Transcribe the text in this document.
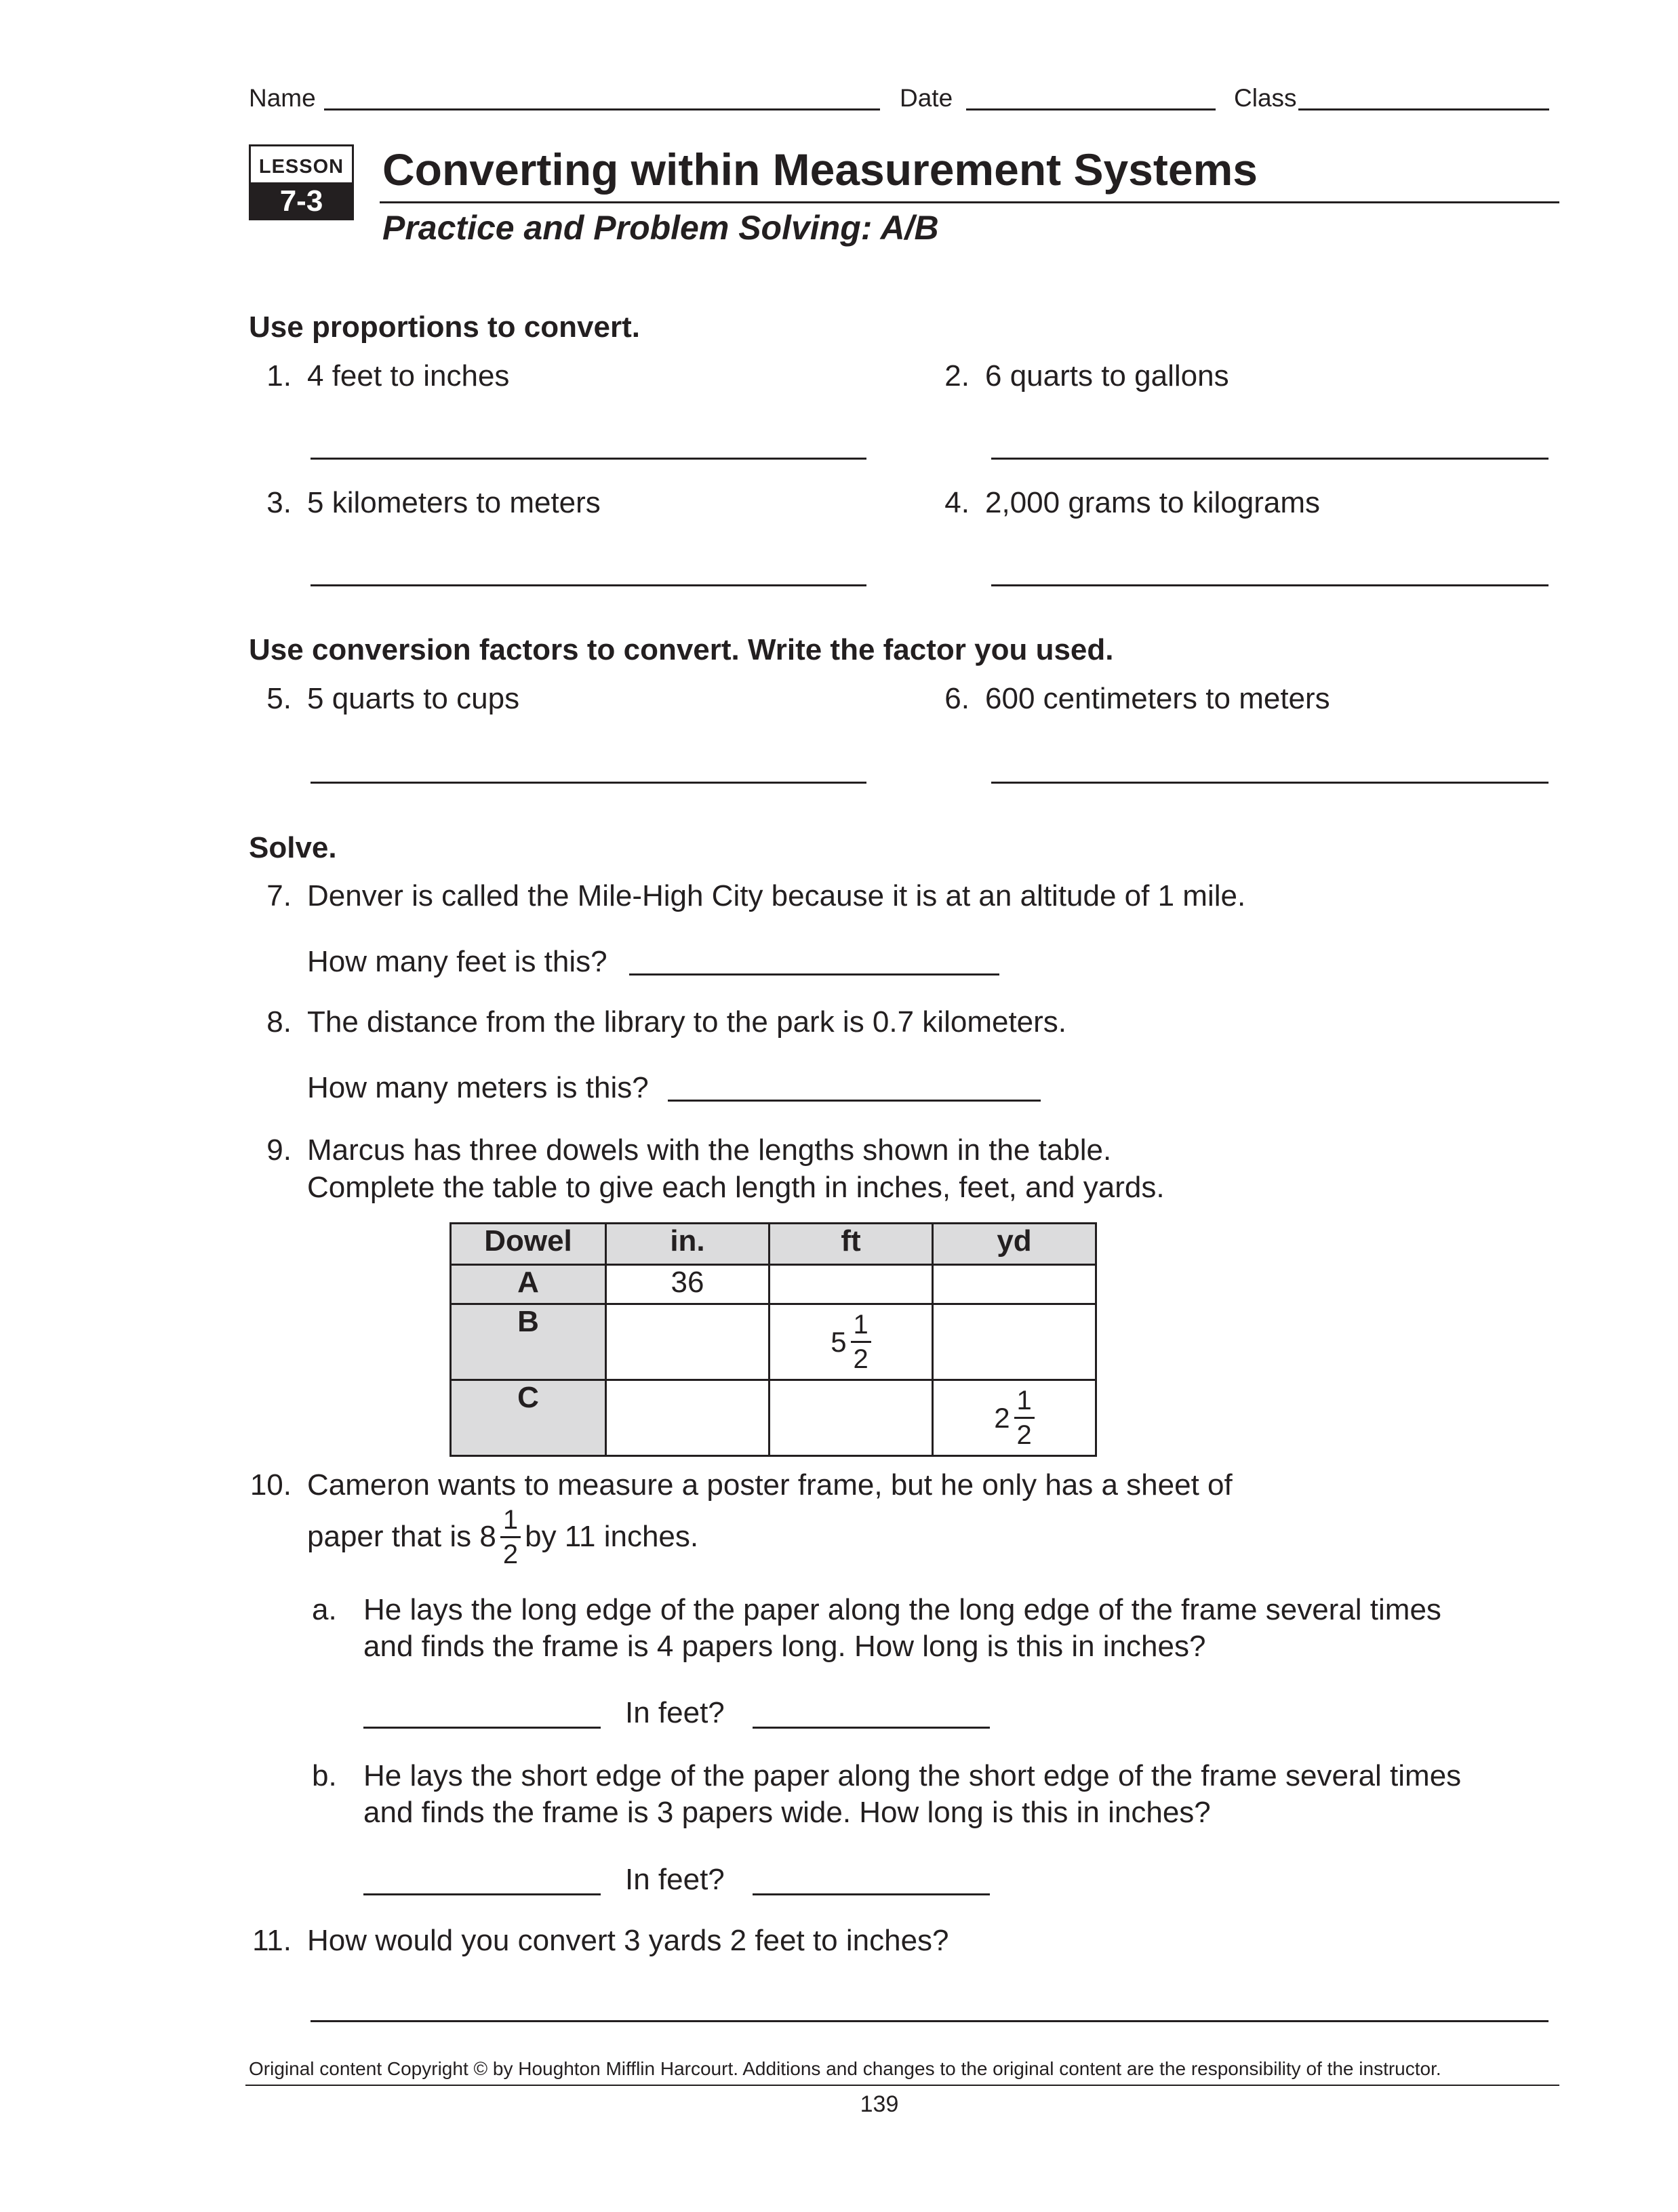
Name	Date	Class
LESSON
7-3
Converting within Measurement Systems
Practice and Problem Solving: A/B
Use proportions to convert.
1. 4 feet to inches	2. 6 quarts to gallons
3. 5 kilometers to meters	4. 2,000 grams to kilograms
Use conversion factors to convert. Write the factor you used.
5. 5 quarts to cups	6. 600 centimeters to meters
Solve.
7. Denver is called the Mile-High City because it is at an altitude of 1 mile.
How many feet is this?
8. The distance from the library to the park is 0.7 kilometers.
How many meters is this?
9. Marcus has three dowels with the lengths shown in the table.
Complete the table to give each length in inches, feet, and yards.
Dowel	in.	ft	yd
A	36		
B		$5 \frac{1}{2}$

C			$2 \frac{1}{2}$
10. Cameron wants to measure a poster frame, but he only has a sheet of
paper that is $8 \frac{1}{2}$ by 11 inches.
a. He lays the long edge of the paper along the long edge of the frame several times
and finds the frame is 4 papers long. How long is this in inches?
In feet?
b. He lays the short edge of the paper along the short edge of the frame several times
and finds the frame is 3 papers wide. How long is this in inches?
In feet?
11. How would you convert 3 yards 2 feet to inches?
Original content Copyright © by Houghton Mifflin Harcourt. Additions and changes to the original content are the responsibility of the instructor.
139
